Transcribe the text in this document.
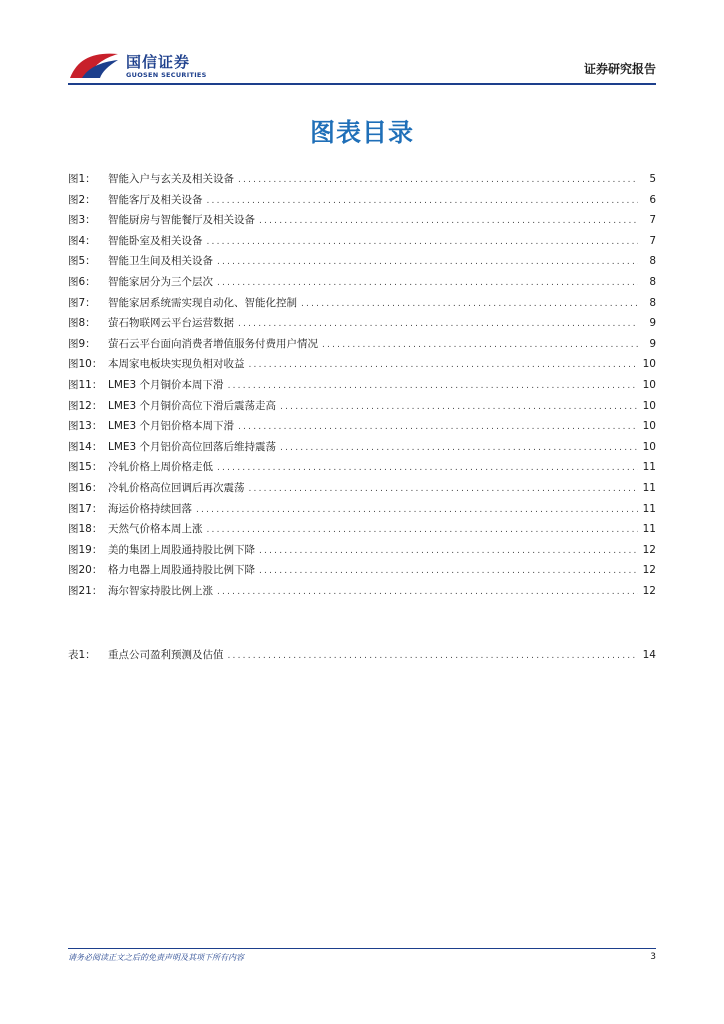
国信证券
GUOSEN SECURITIES	证券研究报告
图表目录
图1：	智能入户与玄关及相关设备 .....	5
图2：	智能客厅及相关设备 .....	6
图3：	智能厨房与智能餐厅及相关设备 .....	7
图4：	智能卧室及相关设备 .....	7
图5：	智能卫生间及相关设备 .....	8
图6：	智能家居分为三个层次 .....	8
图7：	智能家居系统需实现自动化、智能化控制 .....	8
图8：	萤石物联网云平台运营数据 .....	9
图9：	萤石云平台面向消费者增值服务付费用户情况 .....	9
图10： 本周家电板块实现负相对收益 .....	10
图11： LME3 个月铜价本周下滑 .....	10
图12： LME3 个月铜价高位下滑后震荡走高 .....	10
图13： LME3 个月铝价格本周下滑 .....	10
图14： LME3 个月铝价高位回落后维持震荡 .....	10
图15： 冷轧价格上周价格走低 .....	11
图16： 冷轧价格高位回调后再次震荡 .....	11
图17： 海运价格持续回落 .....	11
图18： 天然气价格本周上涨 .....	11
图19： 美的集团上周股通持股比例下降 .....	12
图20： 格力电器上周股通持股比例下降 .....	12
图21： 海尔智家持股比例上涨 .....	12
表1：	重点公司盈利预测及估值 .....	14
请务必阅读正文之后的免责声明及其项下所有内容	3
